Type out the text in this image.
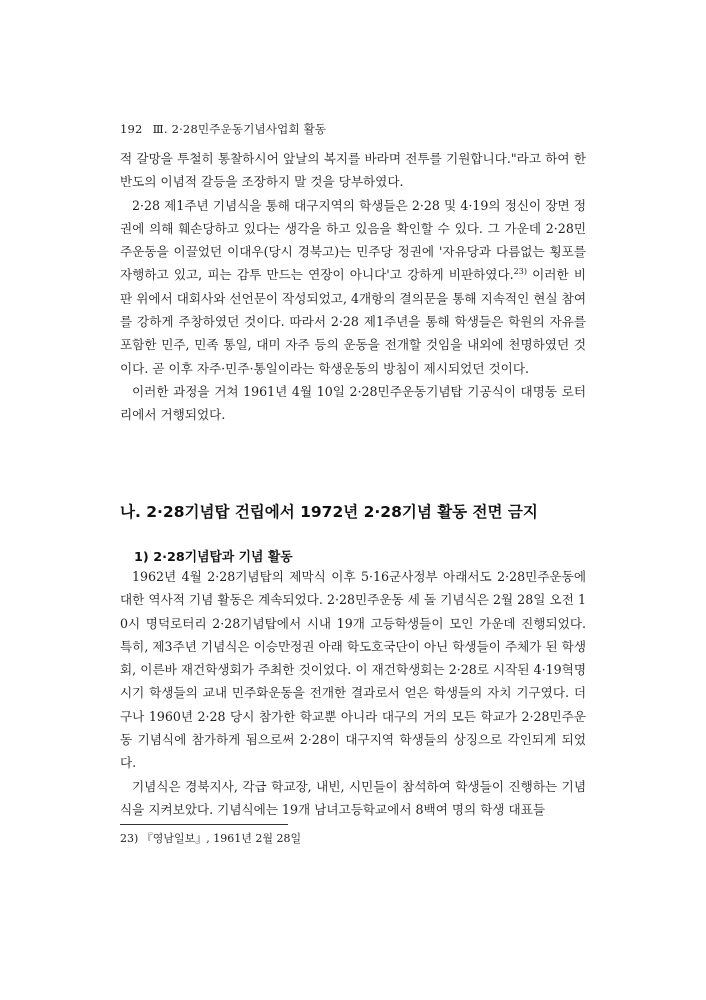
192 Ⅲ. 2·28민주운동기념사업회 활동

적 갈망을 투철히 통찰하시어 앞날의 복지를 바라며 전투를 기원합니다."라고 하여 한반도의 이념적 갈등을 조장하지 말 것을 당부하였다.

2·28 제1주년 기념식을 통해 대구지역의 학생들은 2·28 및 4·19의 정신이 장면 정권에 의해 훼손당하고 있다는 생각을 하고 있음을 확인할 수 있다. 그 가운데 2·28민주운동을 이끌었던 이대우(당시 경북고)는 민주당 정권에 '자유당과 다름없는 횡포를 자행하고 있고, 피는 감투 만드는 연장이 아니다'고 강하게 비판하였다.$^{23)}$ 이러한 비판 위에서 대회사와 선언문이 작성되었고, 4개항의 결의문을 통해 지속적인 현실 참여를 강하게 주창하였던 것이다. 따라서 2·28 제1주년을 통해 학생들은 학원의 자유를 포함한 민주, 민족 통일, 대미 자주 등의 운동을 전개할 것임을 내외에 천명하였던 것이다. 곧 이후 자주·민주·통일이라는 학생운동의 방침이 제시되었던 것이다.

이러한 과정을 거쳐 1961년 4월 10일 2·28민주운동기념탑 기공식이 대명동 로터리에서 거행되었다.

나. 2·28기념탑 건립에서 1972년 2·28기념 활동 전면 금지
1) 2·28기념탑과 기념 활동

1962년 4월 2·28기념탑의 제막식 이후 5·16군사정부 아래서도 2·28민주운동에 대한 역사적 기념 활동은 계속되었다. 2·28민주운동 세 돌 기념식은 2월 28일 오전 10시 명덕로터리 2·28기념탑에서 시내 19개 고등학생들이 모인 가운데 진행되었다. 특히, 제3주년 기념식은 이승만정권 아래 학도호국단이 아닌 학생들이 주체가 된 학생회, 이른바 재건학생회가 주최한 것이었다. 이 재건학생회는 2·28로 시작된 4·19혁명 시기 학생들의 교내 민주화운동을 전개한 결과로서 얻은 학생들의 자치 기구였다. 더구나 1960년 2·28 당시 참가한 학교뿐 아니라 대구의 거의 모든 학교가 2·28민주운동 기념식에 참가하게 됨으로써 2·28이 대구지역 학생들의 상징으로 각인되게 되었다.

기념식은 경북지사, 각급 학교장, 내빈, 시민들이 참석하여 학생들이 진행하는 기념식을 지켜보았다. 기념식에는 19개 남녀고등학교에서 8백여 명의 학생 대표들

23) 『영남일보』, 1961년 2월 28일
